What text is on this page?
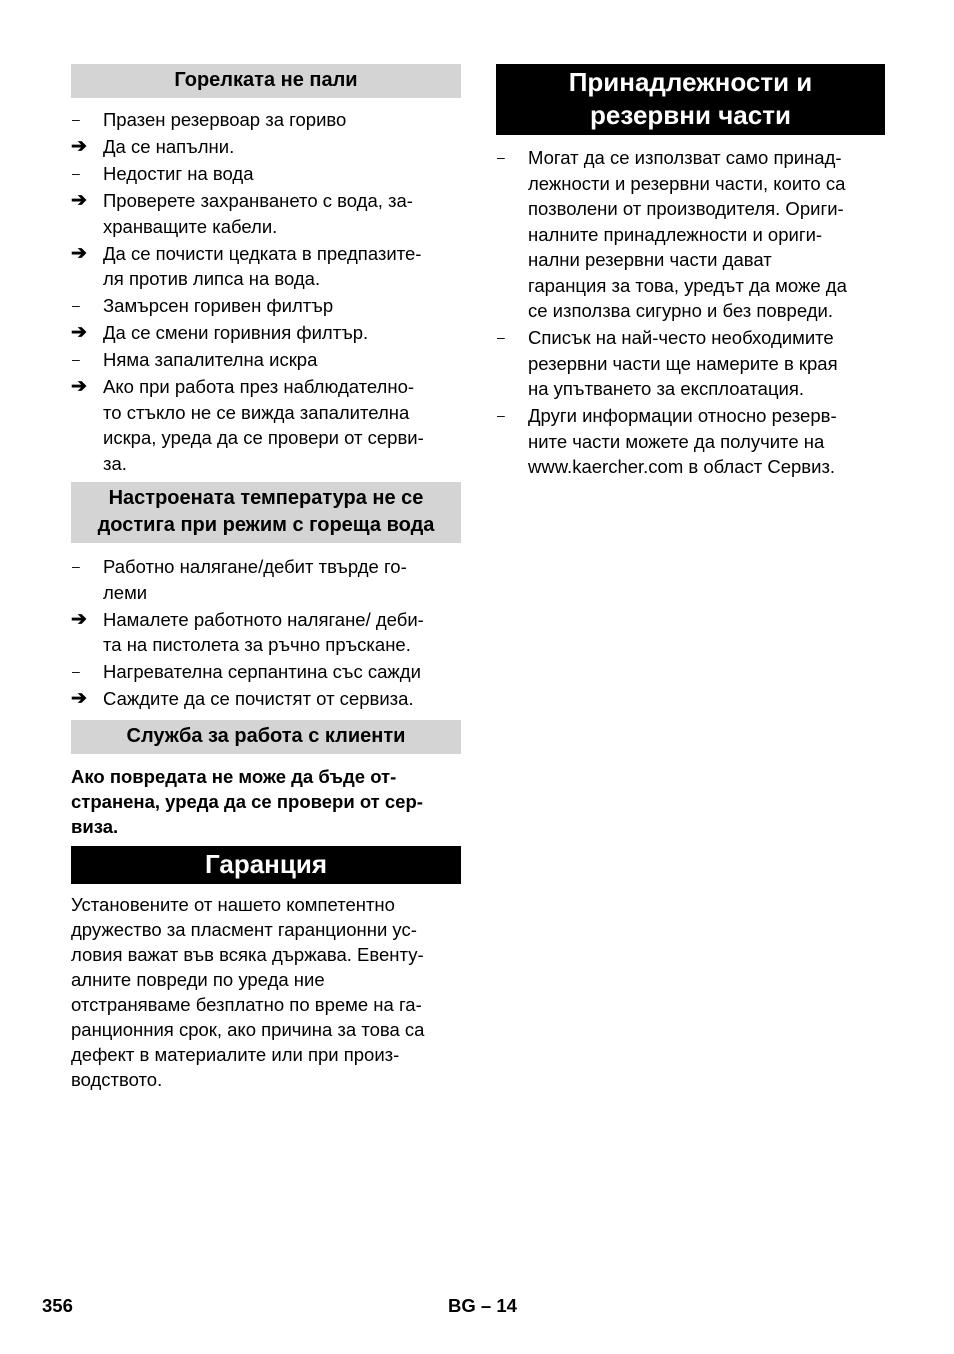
Горелката не пали
–	Празен резервоар за гориво
➔ Да се напълни.
–	Недостиг на вода
➔ Проверете захранването с вода, за-
хранващите кабели.
➔ Да се почисти цедката в предпазите-
ля против липса на вода.
–	Замърсен горивен филтър
➔ Да се смени горивния филтър.
–	Няма запалителна искра
➔ Ако при работа през наблюдателно-
то стъкло не се вижда запалителна
искра, уреда да се провери от серви-
за.
Настроената температура не се
достига при режим с гореща вода
–	Работно налягане/дебит твърде го-
леми
➔ Намалете работното налягане/ деби-
та на пистолета за ръчно пръскане.
–	Нагревателна серпантина със сажди
➔ Саждите да се почистят от сервиза.
Служба за работа с клиенти

Ако повредата не може да бъде от-
странена, уреда да се провери от сер-
виза.

Гаранция

Установените от нашето компетентно
дружество за пласмент гаранционни ус-
ловия важат във всяка държава. Евенту-
алните повреди по уреда ние
отстраняваме безплатно по време на га-
ранционния срок, ако причина за това са
дефект в материалите или при произ-
водството.

Принадлежности и
резервни части
–	Могат да се използват само принад-
лежности и резервни части, които са
позволени от производителя. Ориги-
налните принадлежности и ориги-
нални резервни части дават
гаранция за това, уредът да може да
се използва сигурно и без повреди.
–	Списък на най-често необходимите
резервни части ще намерите в края
на упътването за експлоатация.
–	Други информации относно резерв-
ните части можете да получите на
www.kaercher.com в област Сервиз.
356	BG – 14
